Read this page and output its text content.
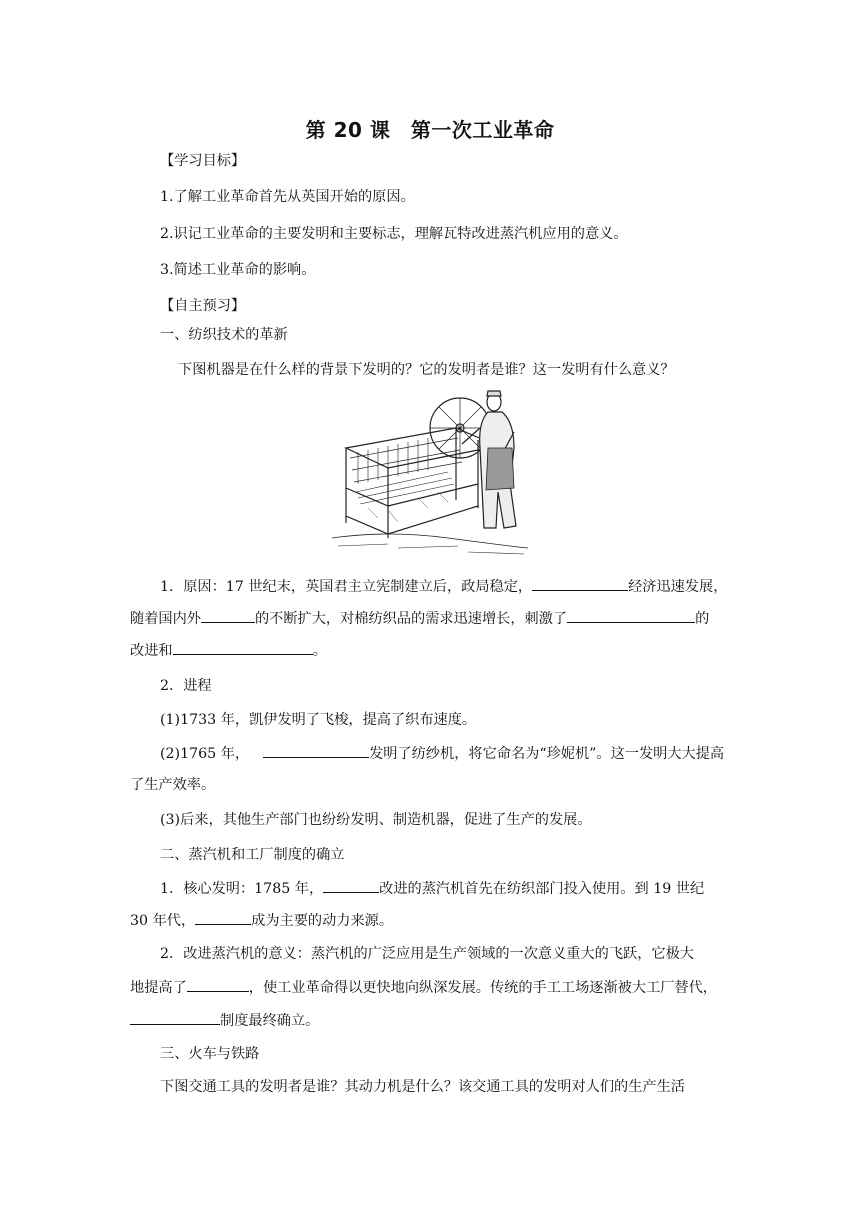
第 20 课　第一次工业革命
【学习目标】
1.了解工业革命首先从英国开始的原因。
2.识记工业革命的主要发明和主要标志，理解瓦特改进蒸汽机应用的意义。
3.简述工业革命的影响。
【自主预习】
一、纺织技术的革新
下图机器是在什么样的背景下发明的？它的发明者是谁？这一发明有什么意义？
1．原因：17 世纪末，英国君主立宪制建立后，政局稳定，	经济迅速发展，
随着国内外	的不断扩大，对棉纺织品的需求迅速增长，刺激了	的
改进和	。
2．进程
(1)1733 年，凯伊发明了飞梭，提高了织布速度。
(2)1765 年，	发明了纺纱机，将它命名为“珍妮机”。这一发明大大提高
了生产效率。
(3)后来，其他生产部门也纷纷发明、制造机器，促进了生产的发展。
二、蒸汽机和工厂制度的确立
1．核心发明：1785 年，	改进的蒸汽机首先在纺织部门投入使用。到 19 世纪
30 年代，	成为主要的动力来源。
2．改进蒸汽机的意义：蒸汽机的广泛应用是生产领域的一次意义重大的飞跃，它极大
地提高了	，使工业革命得以更快地向纵深发展。传统的手工工场逐渐被大工厂替代，
制度最终确立。
三、火车与铁路
下图交通工具的发明者是谁？其动力机是什么？该交通工具的发明对人们的生产生活
